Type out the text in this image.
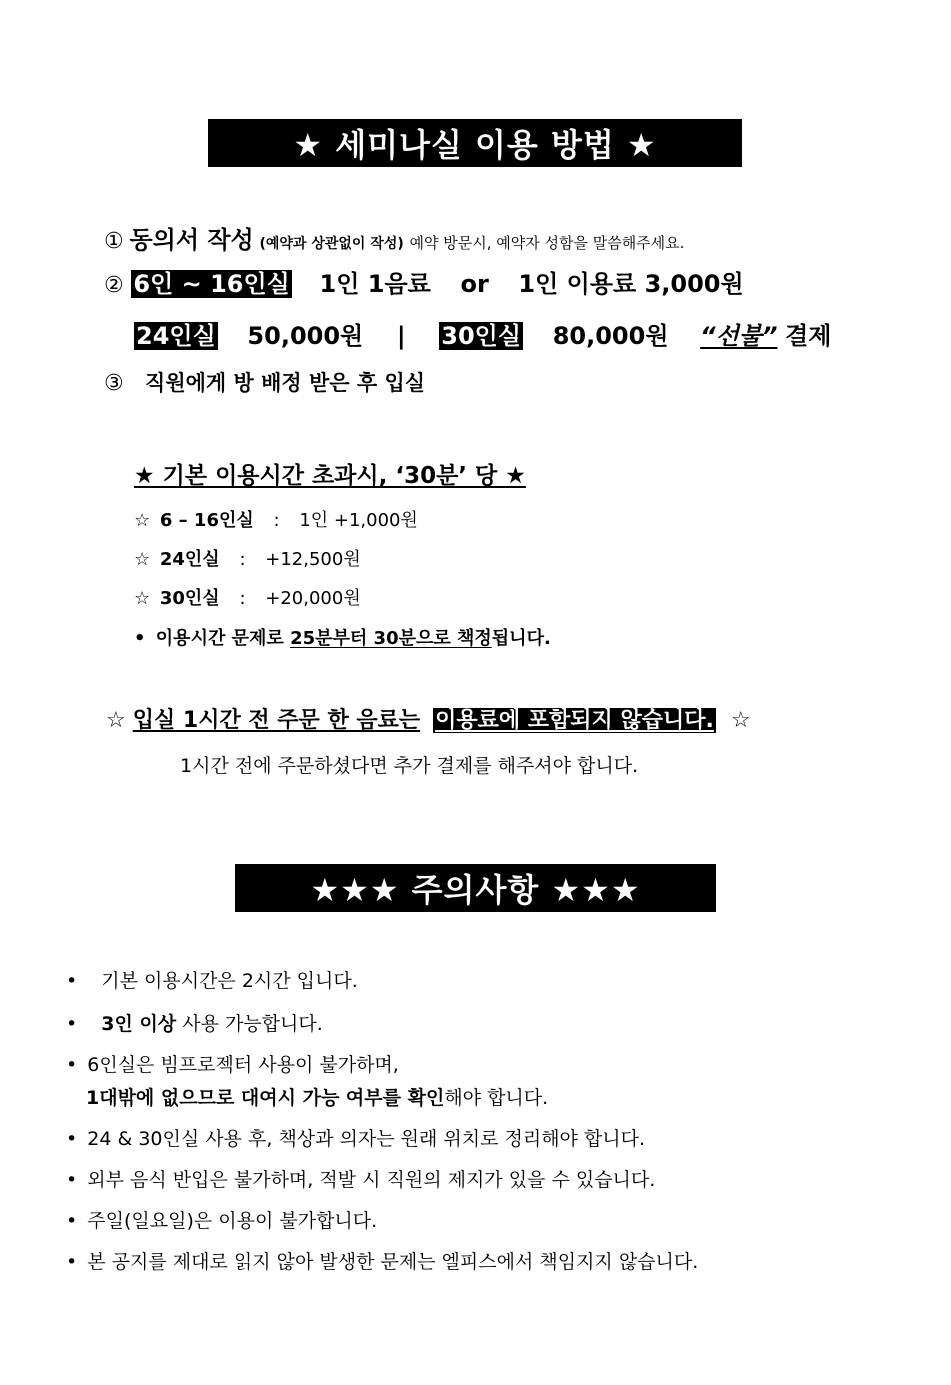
★ 세미나실 이용 방법 ★
① 동의서 작성 (예약과 상관없이 작성) 예약 방문시, 예약자 성함을 말씀해주세요.
② 6인 ~ 16인실 1인 1음료 or 1인 이용료 3,000원
24인실 50,000원 | 30인실 80,000원 “선불” 결제
③ 직원에게 방 배정 받은 후 입실
★ 기본 이용시간 초과시, ‘30분’ 당 ★
☆ 6 – 16인실 : 1인 +1,000원
☆ 24인실 : +12,500원
☆ 30인실 : +20,000원
• 이용시간 문제로 25분부터 30분으로 책정됩니다.
☆ 입실 1시간 전 주문 한 음료는 이용료에 포함되지 않습니다. ☆
1시간 전에 주문하셨다면 추가 결제를 해주셔야 합니다.
★★★ 주의사항 ★★★
• 기본 이용시간은 2시간 입니다.
• 3인 이상 사용 가능합니다.
• 6인실은 빔프로젝터 사용이 불가하며,
1대밖에 없으므로 대여시 가능 여부를 확인해야 합니다.
• 24 & 30인실 사용 후, 책상과 의자는 원래 위치로 정리해야 합니다.
• 외부 음식 반입은 불가하며, 적발 시 직원의 제지가 있을 수 있습니다.
• 주일(일요일)은 이용이 불가합니다.
• 본 공지를 제대로 읽지 않아 발생한 문제는 엘피스에서 책임지지 않습니다.
